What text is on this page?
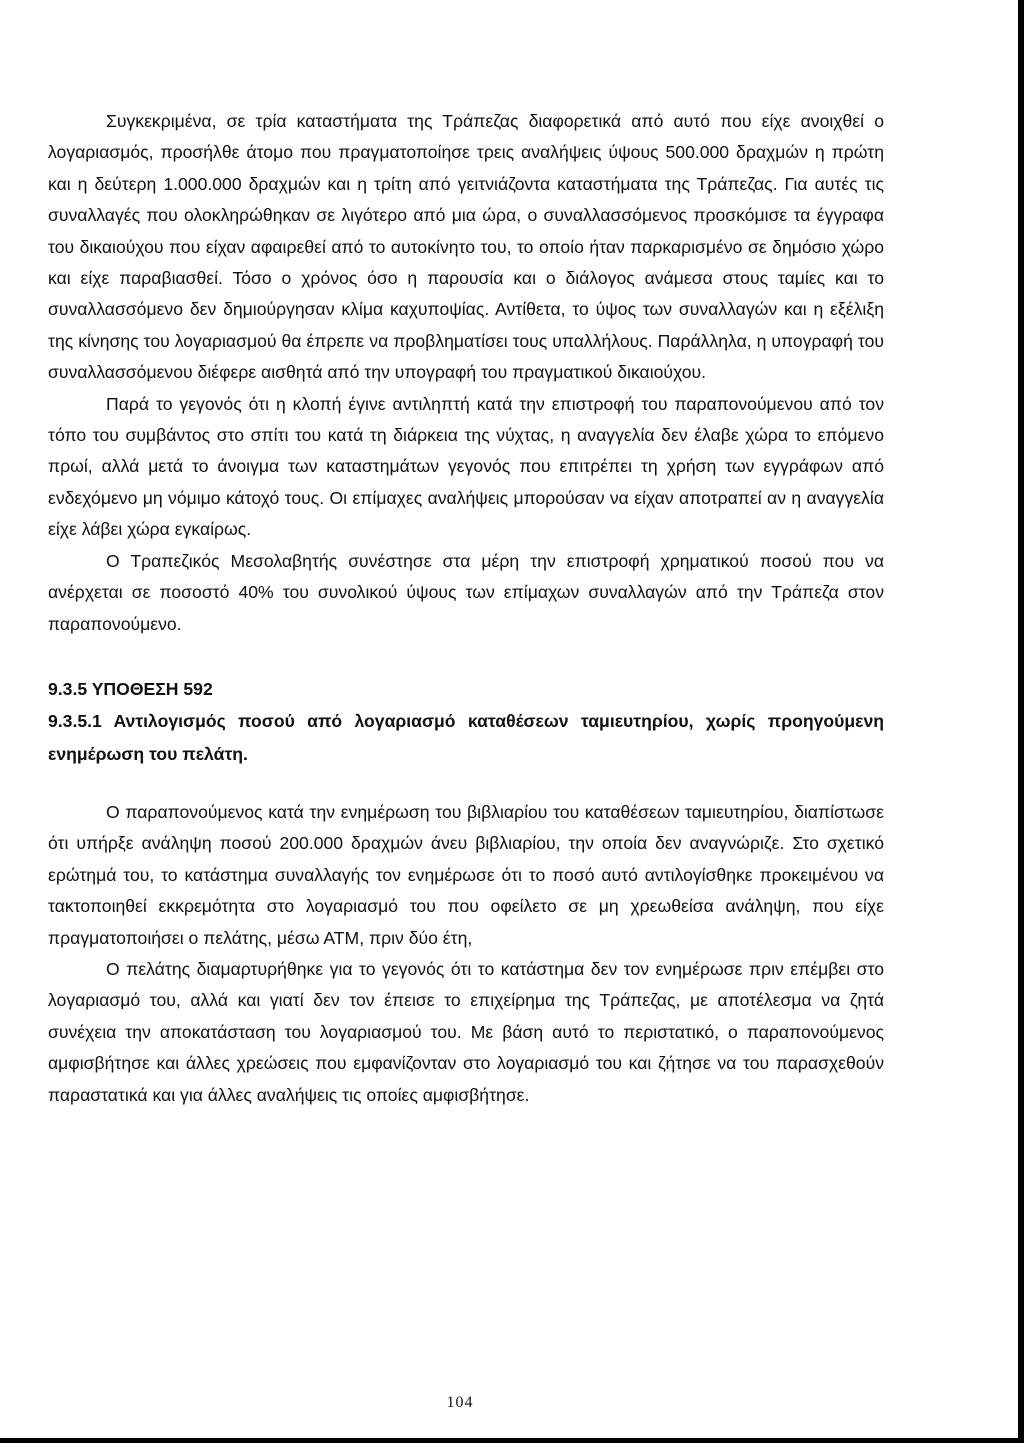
Συγκεκριμένα, σε τρία καταστήματα της Τράπεζας διαφορετικά από αυτό που είχε ανοιχθεί ο λογαριασμός, προσήλθε άτομο που πραγματοποίησε τρεις αναλήψεις ύψους 500.000 δραχμών η πρώτη και η δεύτερη 1.000.000 δραχμών και η τρίτη από γειτνιάζοντα καταστήματα της Τράπεζας. Για αυτές τις συναλλαγές που ολοκληρώθηκαν σε λιγότερο από μια ώρα, ο συναλλασσόμενος προσκόμισε τα έγγραφα του δικαιούχου που είχαν αφαιρεθεί από το αυτοκίνητο του, το οποίο ήταν παρκαρισμένο σε δημόσιο χώρο και είχε παραβιασθεί. Τόσο ο χρόνος όσο η παρουσία και ο διάλογος ανάμεσα στους ταμίες και το συναλλασσόμενο δεν δημιούργησαν κλίμα καχυποψίας. Αντίθετα, το ύψος των συναλλαγών και η εξέλιξη της κίνησης του λογαριασμού θα έπρεπε να προβληματίσει τους υπαλλήλους. Παράλληλα, η υπογραφή του συναλλασσόμενου διέφερε αισθητά από την υπογραφή του πραγματικού δικαιούχου.

Παρά το γεγονός ότι η κλοπή έγινε αντιληπτή κατά την επιστροφή του παραπονούμενου από τον τόπο του συμβάντος στο σπίτι του κατά τη διάρκεια της νύχτας, η αναγγελία δεν έλαβε χώρα το επόμενο πρωί, αλλά μετά το άνοιγμα των καταστημάτων γεγονός που επιτρέπει τη χρήση των εγγράφων από ενδεχόμενο μη νόμιμο κάτοχό τους. Οι επίμαχες αναλήψεις μπορούσαν να είχαν αποτραπεί αν η αναγγελία είχε λάβει χώρα εγκαίρως.

Ο Τραπεζικός Μεσολαβητής συνέστησε στα μέρη την επιστροφή χρηματικού ποσού που να ανέρχεται σε ποσοστό 40% του συνολικού ύψους των επίμαχων συναλλαγών από την Τράπεζα στον παραπονούμενο.

9.3.5 ΥΠΟΘΕΣΗ 592

9.3.5.1 Αντιλογισμός ποσού από λογαριασμό καταθέσεων ταμιευτηρίου, χωρίς προηγούμενη ενημέρωση του πελάτη.

Ο παραπονούμενος κατά την ενημέρωση του βιβλιαρίου του καταθέσεων ταμιευτηρίου, διαπίστωσε ότι υπήρξε ανάληψη ποσού 200.000 δραχμών άνευ βιβλιαρίου, την οποία δεν αναγνώριζε. Στο σχετικό ερώτημά του, το κατάστημα συναλλαγής τον ενημέρωσε ότι το ποσό αυτό αντιλογίσθηκε προκειμένου να τακτοποιηθεί εκκρεμότητα στο λογαριασμό του που οφείλετο σε μη χρεωθείσα ανάληψη, που είχε πραγματοποιήσει ο πελάτης, μέσω ΑΤΜ, πριν δύο έτη,

Ο πελάτης διαμαρτυρήθηκε για το γεγονός ότι το κατάστημα δεν τον ενημέρωσε πριν επέμβει στο λογαριασμό του, αλλά και γιατί δεν τον έπεισε το επιχείρημα της Τράπεζας, με αποτέλεσμα να ζητά συνέχεια την αποκατάσταση του λογαριασμού του. Με βάση αυτό το περιστατικό, ο παραπονούμενος αμφισβήτησε και άλλες χρεώσεις που εμφανίζονταν στο λογαριασμό του και ζήτησε να του παρασχεθούν παραστατικά και για άλλες αναλήψεις τις οποίες αμφισβήτησε.

104
